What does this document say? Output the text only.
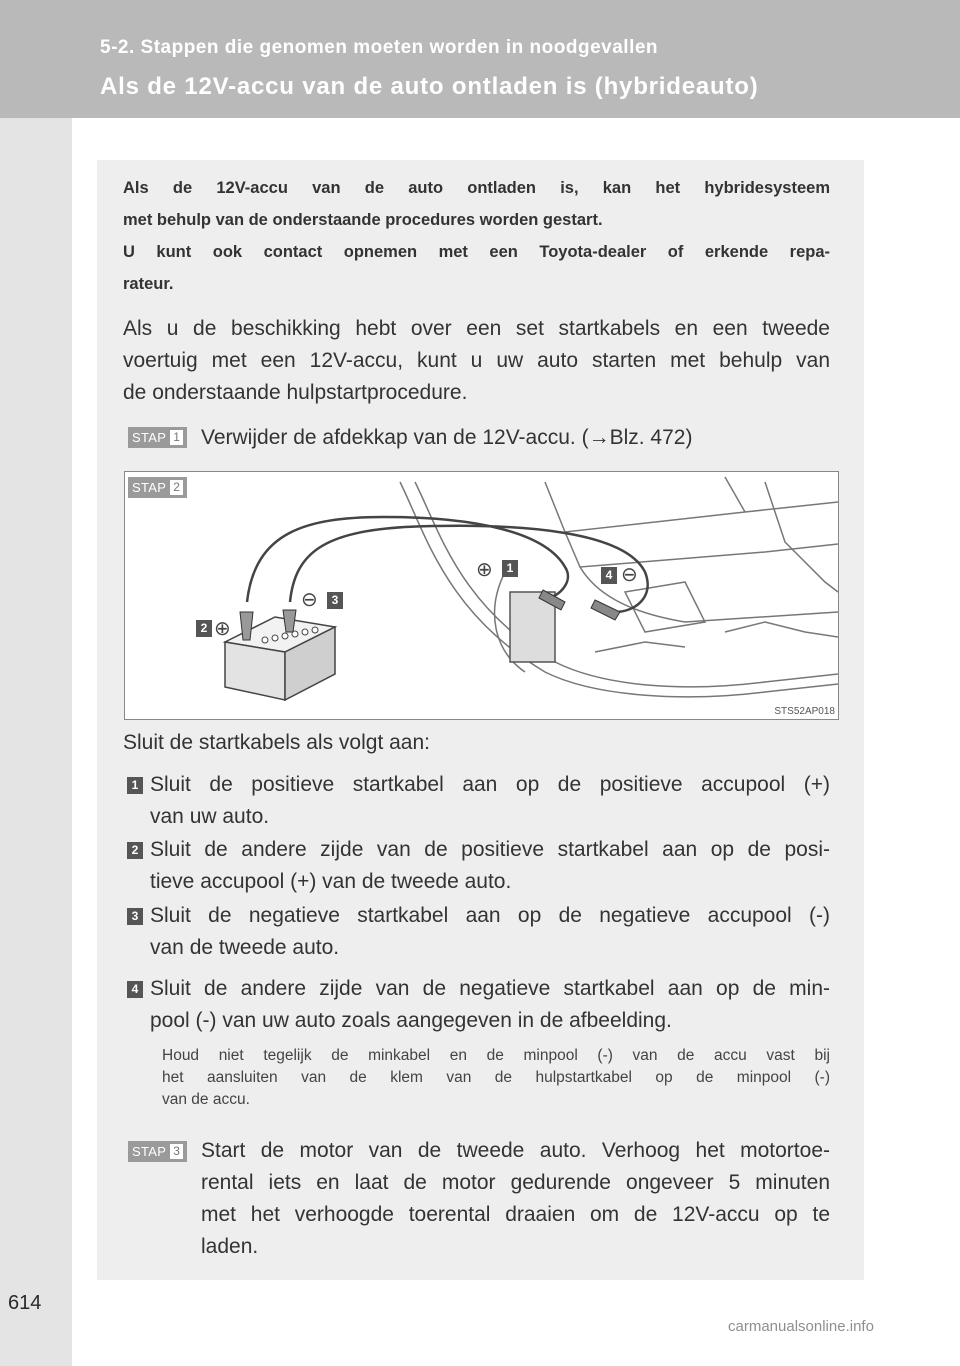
5-2. Stappen die genomen moeten worden in noodgevallen
Als de 12V-accu van de auto ontladen is (hybrideauto)
614
Als de 12V-accu van de auto ontladen is, kan het hybridesysteem
met behulp van de onderstaande procedures worden gestart.
U kunt ook contact opnemen met een Toyota-dealer of erkende repa-
rateur.
Als u de beschikking hebt over een set startkabels en een tweede
voertuig met een 12V-accu, kunt u uw auto starten met behulp van
de onderstaande hulpstartprocedure.
STAP 1 Verwijder de afdekkap van de 12V-accu. (→Blz. 472)
STAP 2
⊕	1
2 ⊕
⊖	3
4 ⊖
STS52AP018
Sluit de startkabels als volgt aan:
1 Sluit de positieve startkabel aan op de positieve accupool (+)
van uw auto.
2 Sluit de andere zijde van de positieve startkabel aan op de posi-
tieve accupool (+) van de tweede auto.
3 Sluit de negatieve startkabel aan op de negatieve accupool (-)
van de tweede auto.
4 Sluit de andere zijde van de negatieve startkabel aan op de min-
pool (-) van uw auto zoals aangegeven in de afbeelding.
Houd niet tegelijk de minkabel en de minpool (-) van de accu vast bij
het aansluiten van de klem van de hulpstartkabel op de minpool (-)
van de accu.
STAP 3 Start de motor van de tweede auto. Verhoog het motortoe-
rental iets en laat de motor gedurende ongeveer 5 minuten
met het verhoogde toerental draaien om de 12V-accu op te
laden.
carmanualsonline.info
